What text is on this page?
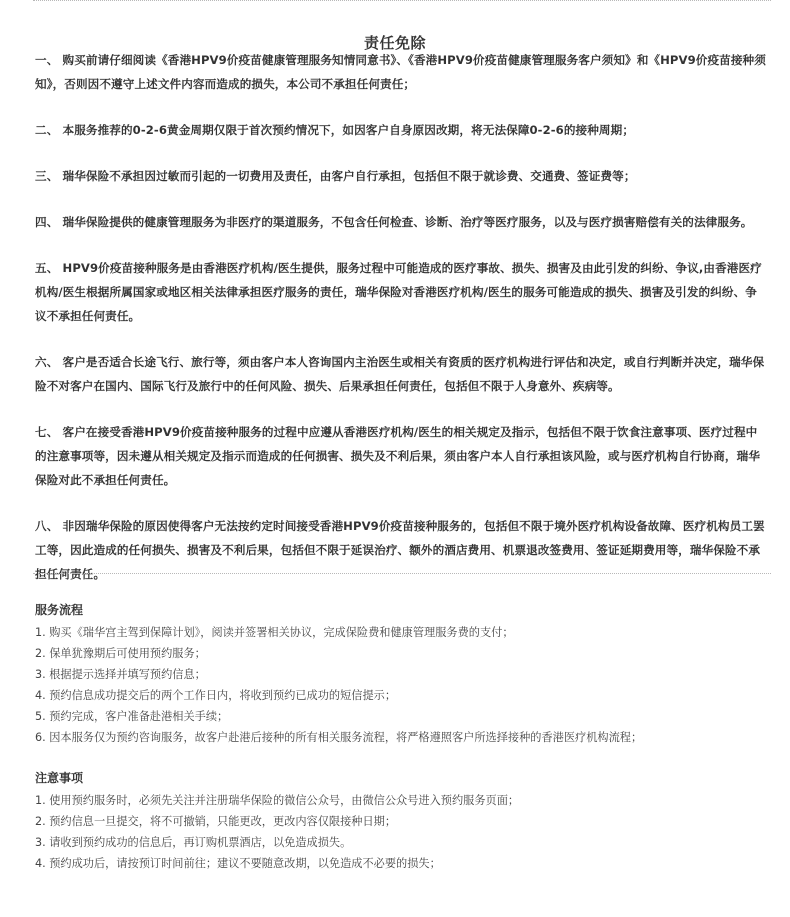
责任免除

一、 购买前请仔细阅读《香港HPV9价疫苗健康管理服务知情同意书》、《香港HPV9价疫苗健康管理服务客户须知》和《HPV9价疫苗接种须知》，否则因不遵守上述文件内容而造成的损失，本公司不承担任何责任；

二、 本服务推荐的0-2-6黄金周期仅限于首次预约情况下，如因客户自身原因改期，将无法保障0-2-6的接种周期；

三、 瑞华保险不承担因过敏而引起的一切费用及责任，由客户自行承担，包括但不限于就诊费、交通费、签证费等；

四、 瑞华保险提供的健康管理服务为非医疗的渠道服务，不包含任何检查、诊断、治疗等医疗服务，以及与医疗损害赔偿有关的法律服务。

五、 HPV9价疫苗接种服务是由香港医疗机构/医生提供，服务过程中可能造成的医疗事故、损失、损害及由此引发的纠纷、争议,由香港医疗机构/医生根据所属国家或地区相关法律承担医疗服务的责任，瑞华保险对香港医疗机构/医生的服务可能造成的损失、损害及引发的纠纷、争议不承担任何责任。

六、 客户是否适合长途飞行、旅行等，须由客户本人咨询国内主治医生或相关有资质的医疗机构进行评估和决定，或自行判断并决定，瑞华保险不对客户在国内、国际飞行及旅行中的任何风险、损失、后果承担任何责任，包括但不限于人身意外、疾病等。

七、 客户在接受香港HPV9价疫苗接种服务的过程中应遵从香港医疗机构/医生的相关规定及指示，包括但不限于饮食注意事项、医疗过程中的注意事项等，因未遵从相关规定及指示而造成的任何损害、损失及不利后果，须由客户本人自行承担该风险，或与医疗机构自行协商，瑞华保险对此不承担任何责任。

八、 非因瑞华保险的原因使得客户无法按约定时间接受香港HPV9价疫苗接种服务的，包括但不限于境外医疗机构设备故障、医疗机构员工罢工等，因此造成的任何损失、损害及不利后果，包括但不限于延误治疗、额外的酒店费用、机票退改签费用、签证延期费用等，瑞华保险不承担任何责任。

服务流程

1. 购买《瑞华宫主驾到保障计划》，阅读并签署相关协议，完成保险费和健康管理服务费的支付；

2. 保单犹豫期后可使用预约服务；

3. 根据提示选择并填写预约信息；

4. 预约信息成功提交后的两个工作日内，将收到预约已成功的短信提示；

5. 预约完成，客户准备赴港相关手续；

6. 因本服务仅为预约咨询服务，故客户赴港后接种的所有相关服务流程，将严格遵照客户所选择接种的香港医疗机构流程；

注意事项

1. 使用预约服务时，必须先关注并注册瑞华保险的微信公众号，由微信公众号进入预约服务页面；

2. 预约信息一旦提交，将不可撤销，只能更改，更改内容仅限接种日期；

3. 请收到预约成功的信息后，再订购机票酒店，以免造成损失。

4. 预约成功后，请按预订时间前往；建议不要随意改期，以免造成不必要的损失；
